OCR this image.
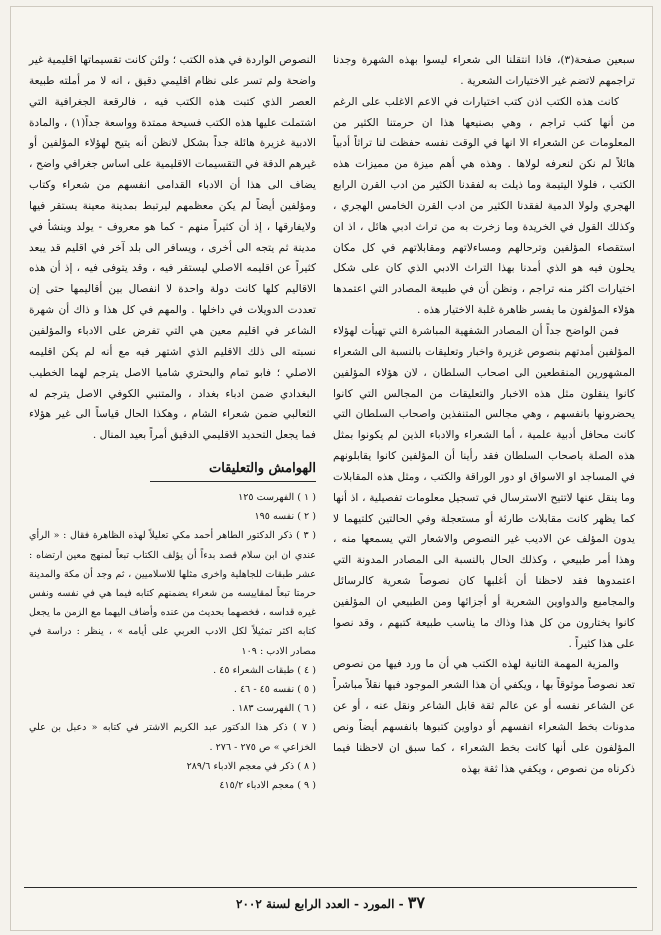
سبعين صفحة(٣)، فاذا انتقلنا الى شعراء ليسوا بهذه الشهرة وجدنا تراجمهم لاتضم غير الاختيارات الشعرية .

كانت هذه الكتب اذن كتب اختيارات في الاعم الاغلب على الرغم من أنها كتب تراجم ، وهي بصنيعها هذا ان حرمتنا الكثير من المعلومات عن الشعراء الا انها في الوقت نفسه حفظت لنا تراثاً أدبياً هائلاً لم نكن لنعرفه لولاها . وهذه هي أهم ميزة من مميزات هذه الكتب ، فلولا اليتيمة وما ذيلت به لفقدنا الكثير من ادب القرن الرابع الهجري ولولا الدمية لفقدنا الكثير من ادب القرن الخامس الهجري ، وكذلك القول في الخريدة وما زخرت به من تراث ادبي هائل ، اذ ان استقصاء المؤلفين وترحالهم ومساءلاتهم ومقابلاتهم في كل مكان يحلون فيه هو الذي أمدنا بهذا التراث الادبي الذي كان على شكل اختيارات اكثر منه تراجم ، ونظن أن في طبيعة المصادر التي اعتمدها هؤلاء المؤلفون ما يفسر ظاهرة غلبة الاختيار هذه .

فمن الواضح جداً أن المصادر الشفهية المباشرة التي تهيأت لهؤلاء المؤلفين أمدتهم بنصوص غزيرة واخبار وتعليقات بالنسبة الى الشعراء المشهورين المنقطعين الى اصحاب السلطان ، لان هؤلاء المؤلفين كانوا ينقلون مثل هذه الاخبار والتعليقات من المجالس التي كانوا يحضرونها بانفسهم ، وهي مجالس المتنفذين واصحاب السلطان التي كانت محافل أدبية علمية ، أما الشعراء والادباء الذين لم يكونوا بمثل هذه الصلة باصحاب السلطان فقد رأينا أن المؤلفين كانوا يقابلونهم في المساجد او الاسواق او دور الوراقة والكتب ، ومثل هذه المقابلات وما ينقل عنها لاتتيح الاسترسال في تسجيل معلومات تفصيلية ، اذ أنها كما يظهر كانت مقابلات طارئة أو مستعجلة وفي الحالتين كلتيهما لا يدون المؤلف عن الاديب غير النصوص والاشعار التي يسمعها منه ، وهذا أمر طبيعي ، وكذلك الحال بالنسبة الى المصادر المدونة التي اعتمدوها فقد لاحظنا أن أغلبها كان نصوصاً شعرية كالرسائل والمجاميع والدواوين الشعرية أو أجزائها ومن الطبيعي ان المؤلفين كانوا يختارون من كل هذا وذاك ما يناسب طبيعة كتبهم ، وقد نصوا على هذا كثيراً .

والمزية المهمة الثانية لهذه الكتب هي أن ما ورد فيها من نصوص تعد نصوصاً موثوقاً بها ، ويكفي أن هذا الشعر الموجود فيها نقلاً مباشراً عن الشاعر نفسه أو عن عالم ثقة قابل الشاعر ونقل عنه ، أو عن مدونات بخط الشعراء انفسهم أو دواوين كتبوها بانفسهم أيضاً ونص المؤلفون على أنها كانت بخط الشعراء ، كما سبق ان لاحظنا فيما ذكرناه من نصوص ، ويكفي هذا ثقة بهذه

النصوص الواردة في هذه الكتب ؛ ولئن كانت تقسيماتها اقليمية غير واضحة ولم تسر على نظام اقليمي دقيق ، انه لا مر أملته طبيعة العصر الذي كتبت هذه الكتب فيه ، فالرقعة الجغرافية التي اشتملت عليها هذه الكتب فسيحة ممتدة وواسعة جداً(١) ، والمادة الادبية غزيرة هائلة جداً بشكل لانظن أنه يتيح لهؤلاء المؤلفين أو غيرهم الدقة في التقسيمات الاقليمية على اساس جغرافي واضح ، يضاف الى هذا أن الادباء القدامى انفسهم من شعراء وكتاب ومؤلفين أيضاً لم يكن معظمهم ليرتبط بمدينة معينة يستقر فيها ولايفارقها ، إذ أن كثيراً منهم - كما هو معروف - يولد وينشأ في مدينة ثم يتجه الى أخرى ، ويسافر الى بلد آخر في اقليم قد يبعد كثيراً عن اقليمه الاصلي ليستقر فيه ، وقد يتوفى فيه ، إذ أن هذه الاقاليم كلها كانت دولة واحدة لا انفصال بين أقاليمها حتى إن تعددت الدويلات في داخلها . والمهم في كل هذا و ذاك أن شهرة الشاعر في اقليم معين هي التي تفرض على الادباء والمؤلفين نسبته الى ذلك الاقليم الذي اشتهر فيه مع أنه لم يكن اقليمه الاصلي ؛ فابو تمام والبحتري شاميا الاصل يترجم لهما الخطيب البغدادي ضمن ادباء بغداد ، والمتنبي الكوفي الاصل يترجم له الثعالبي ضمن شعراء الشام ، وهكذا الحال قياساً الى غير هؤلاء فما يجعل التحديد الاقليمي الدقيق أمراً بعيد المنال .

الهوامش والتعليقات
( ١ ) الفهرست ١٢٥
( ٢ ) نفسه ١٩٥
( ٣ ) ذكر الدكتور الطاهر أحمد مكي تعليلاً لهذه الظاهرة فقال : « الرأي عندي ان ابن سلام قصد بدءاً أن يؤلف الكتاب تبعاً لمنهج معين ارتضاه : عشر طبقات للجاهلية واخرى مثلها للاسلاميين ، ثم وجد أن مكة والمدينة حرمتا تبعاً لمقاييسه من شعراء يضمنهم كتابه فيما هي في نفسه ونفس غيره قداسه ، فخصهما بحديث من عنده وأضاف اليهما مع الزمن ما يجعل كتابه اكثر تمثيلاً لكل الادب العربي على أيامه » ، ينظر : دراسة في مصادر الادب : ١٠٩
( ٤ ) طبقات الشعراء ٤٥ .
( ٥ ) نفسه ٤٥ - ٤٦ .
( ٦ ) الفهرست ١٨٣ .
( ٧ ) ذكر هذا الدكتور عبد الكريم الاشتر في كتابه « دعبل بن علي الخزاعي » ص ٢٧٥ - ٢٧٦ .
( ٨ ) ذكر في معجم الادباء ٢٨٩/٦
( ٩ ) معجم الادباء ٤١٥/٢
٣٧ - المورد - العدد الرابع لسنة ٢٠٠٢
